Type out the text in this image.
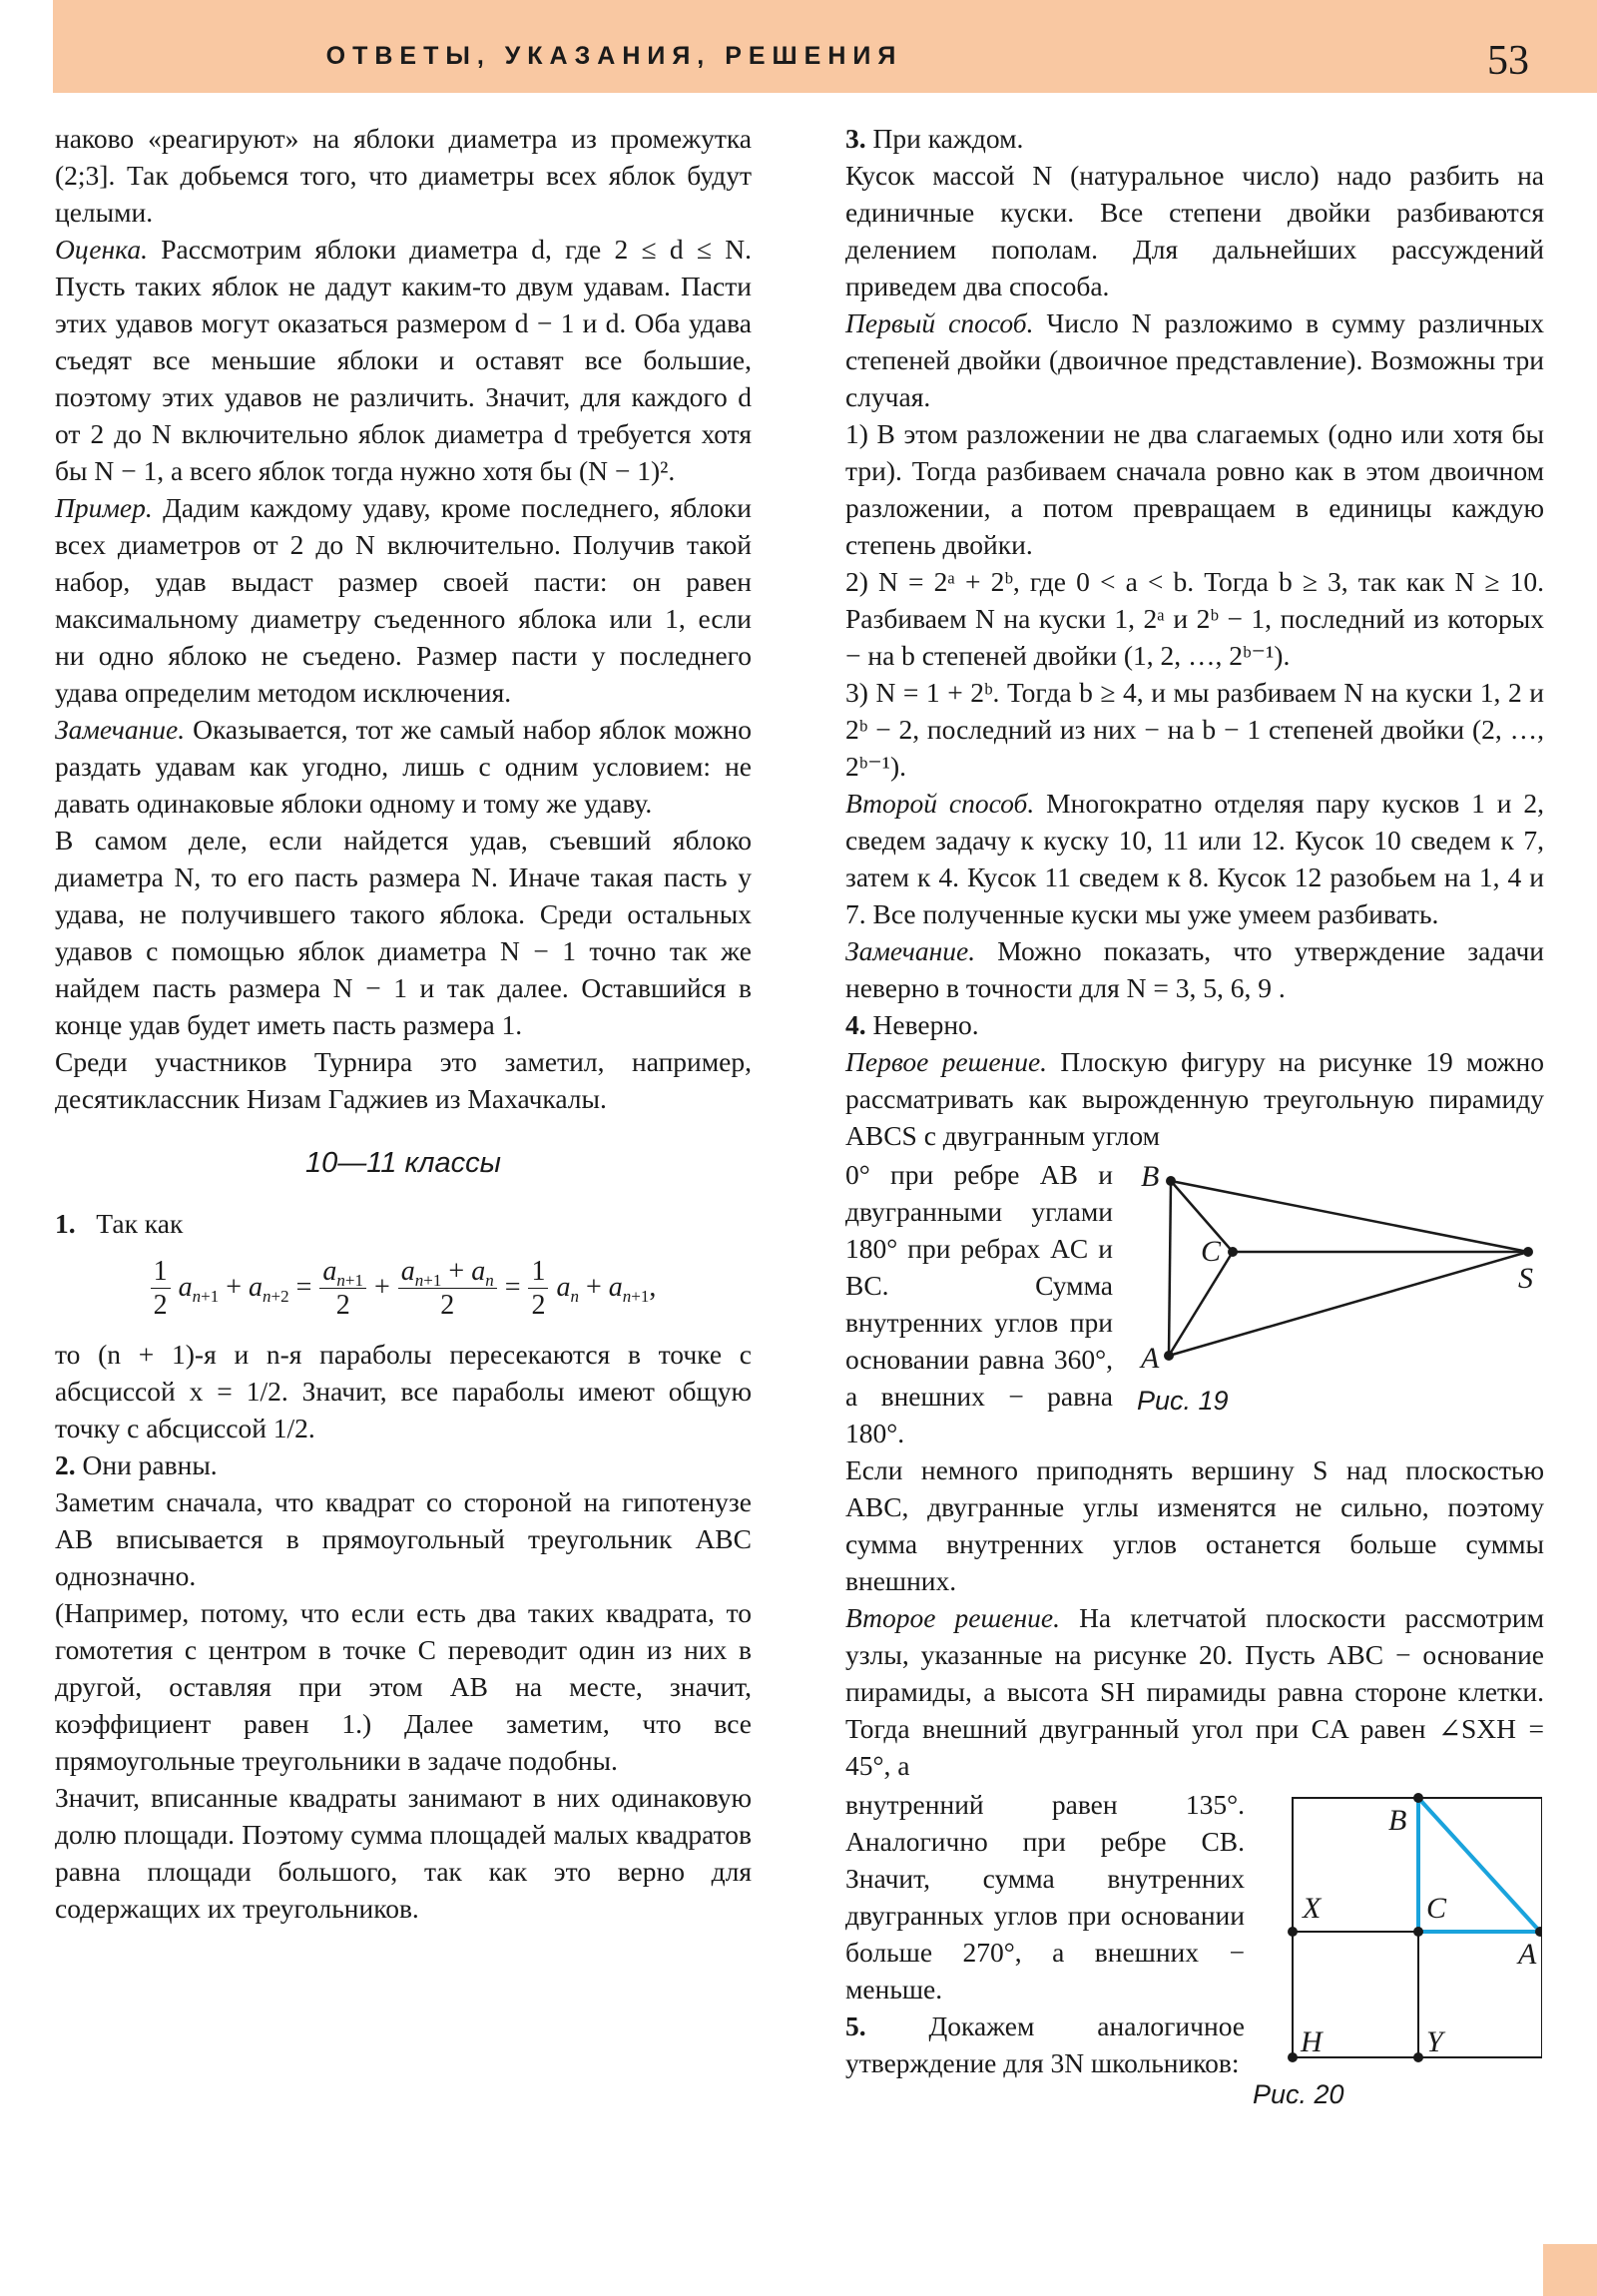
ОТВЕТЫ, УКАЗАНИЯ, РЕШЕНИЯ	53

наково «реагируют» на яблоки диаметра из промежутка (2;3]. Так добьемся того, что диаметры всех яблок будут целыми.

Оценка. Рассмотрим яблоки диаметра d, где 2 ≤ d ≤ N. Пусть таких яблок не дадут каким-то двум удавам. Пасти этих удавов могут оказаться размером d − 1 и d. Оба удава съедят все меньшие яблоки и оставят все большие, поэтому этих удавов не различить. Значит, для каждого d от 2 до N включительно яблок диаметра d требуется хотя бы N − 1, а всего яблок тогда нужно хотя бы (N − 1)².

Пример. Дадим каждому удаву, кроме последнего, яблоки всех диаметров от 2 до N включительно. Получив такой набор, удав выдаст размер своей пасти: он равен максимальному диаметру съеденного яблока или 1, если ни одно яблоко не съедено. Размер пасти у последнего удава определим методом исключения.

Замечание. Оказывается, тот же самый набор яблок можно раздать удавам как угодно, лишь с одним условием: не давать одинаковые яблоки одному и тому же удаву.

В самом деле, если найдется удав, съевший яблоко диаметра N, то его пасть размера N. Иначе такая пасть у удава, не получившего такого яблока. Среди остальных удавов с помощью яблок диаметра N − 1 точно так же найдем пасть размера N − 1 и так далее. Оставшийся в конце удав будет иметь пасть размера 1.

Среди участников Турнира это заметил, например, десятиклассник Низам Гаджиев из Махачкалы.

10—11 классы

1. Так как

$\frac{1}{2} a_{n+1} + a_{n+2} = \frac{a_{n+1}}{2} + \frac{a_{n+1} + a_n}{2} = \frac{1}{2} a_n + a_{n+1}$,

то (n + 1)-я и n-я параболы пересекаются в точке с абсциссой x = 1/2. Значит, все параболы имеют общую точку с абсциссой 1/2.

2. Они равны.

Заметим сначала, что квадрат со стороной на гипотенузе AB вписывается в прямоугольный треугольник ABC однозначно.

(Например, потому, что если есть два таких квадрата, то гомотетия с центром в точке C переводит один из них в другой, оставляя при этом AB на месте, значит, коэффициент равен 1.) Далее заметим, что все прямоугольные треугольники в задаче подобны.

Значит, вписанные квадраты занимают в них одинаковую долю площади. Поэтому сумма площадей малых квадратов равна площади большого, так как это верно для содержащих их треугольников.

3. При каждом.

Кусок массой N (натуральное число) надо разбить на единичные куски. Все степени двойки разбиваются делением пополам. Для дальнейших рассуждений приведем два способа.

Первый способ. Число N разложимо в сумму различных степеней двойки (двоичное представление). Возможны три случая.

1) В этом разложении не два слагаемых (одно или хотя бы три). Тогда разбиваем сначала ровно как в этом двоичном разложении, а потом превращаем в единицы каждую степень двойки.

2) N = 2ᵃ + 2ᵇ, где 0 < a < b. Тогда b ≥ 3, так как N ≥ 10. Разбиваем N на куски 1, 2ᵃ и 2ᵇ − 1, последний из которых − на b степеней двойки (1, 2, …, 2ᵇ⁻¹).

3) N = 1 + 2ᵇ. Тогда b ≥ 4, и мы разбиваем N на куски 1, 2 и 2ᵇ − 2, последний из них − на b − 1 степеней двойки (2, …, 2ᵇ⁻¹).

Второй способ. Многократно отделяя пару кусков 1 и 2, сведем задачу к куску 10, 11 или 12. Кусок 10 сведем к 7, затем к 4. Кусок 11 сведем к 8. Кусок 12 разобьем на 1, 4 и 7. Все полученные куски мы уже умеем разбивать.

Замечание. Можно показать, что утверждение задачи неверно в точности для N = 3, 5, 6, 9 .

4. Неверно.

Первое решение. Плоскую фигуру на рисунке 19 можно рассматривать как вырожденную треугольную пирамиду ABCS с двугранным углом

0° при ребре AB и двугранными углами 180° при ребрах AC и BC. Сумма внутренних углов при основании равна 360°, а внешних − равна 180°.

B
C
S
A
Рис. 19

Если немного приподнять вершину S над плоскостью ABC, двугранные углы изменятся не сильно, поэтому сумма внутренних углов останется больше суммы внешних.

Второе решение. На клетчатой плоскости рассмотрим узлы, указанные на рисунке 20. Пусть ABC − основание пирамиды, а высота SH пирамиды равна стороне клетки. Тогда внешний двугранный угол при CA равен ∠SXH = 45°, а

внутренний равен 135°. Аналогично при ребре CB. Значит, сумма внутренних двугранных углов при основании больше 270°, а внешних − меньше.

5. Докажем аналогичное утверждение для 3N школьников:

B
X	C
A
H	Y
Рис. 20
